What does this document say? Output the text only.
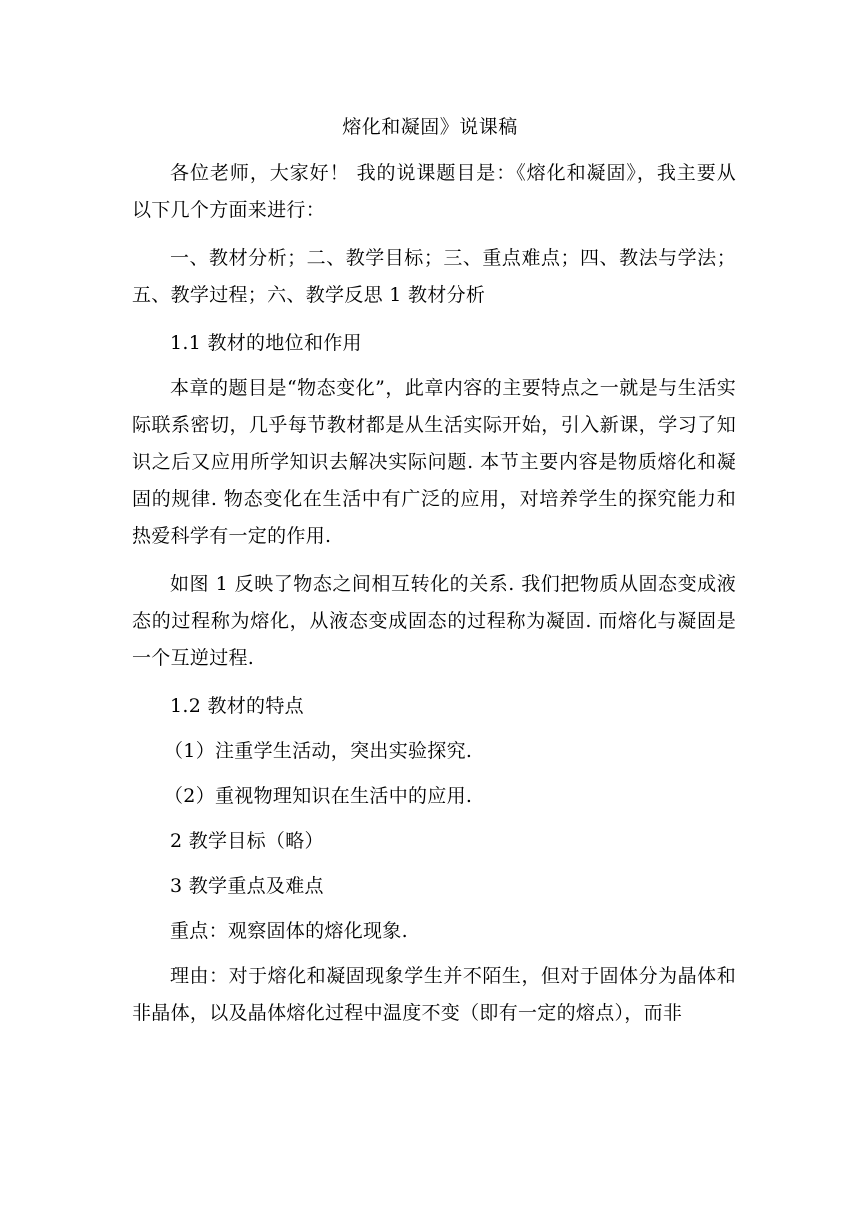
熔化和凝固》说课稿

各位老师，大家好！ 我的说课题目是：《熔化和凝固》，我主要从以下几个方面来进行：

一、教材分析；二、教学目标；三、重点难点；四、教法与学法；五、教学过程；六、教学反思 1 教材分析

1.1 教材的地位和作用

本章的题目是“物态变化”，此章内容的主要特点之一就是与生活实际联系密切，几乎每节教材都是从生活实际开始，引入新课，学习了知识之后又应用所学知识去解决实际问题. 本节主要内容是物质熔化和凝固的规律. 物态变化在生活中有广泛的应用，对培养学生的探究能力和热爱科学有一定的作用.

如图 1 反映了物态之间相互转化的关系. 我们把物质从固态变成液态的过程称为熔化，从液态变成固态的过程称为凝固. 而熔化与凝固是一个互逆过程.

1.2 教材的特点

（1）注重学生活动，突出实验探究.

（2）重视物理知识在生活中的应用.

2 教学目标（略）

3 教学重点及难点

重点：观察固体的熔化现象.

理由：对于熔化和凝固现象学生并不陌生，但对于固体分为晶体和非晶体，以及晶体熔化过程中温度不变（即有一定的熔点），而非
